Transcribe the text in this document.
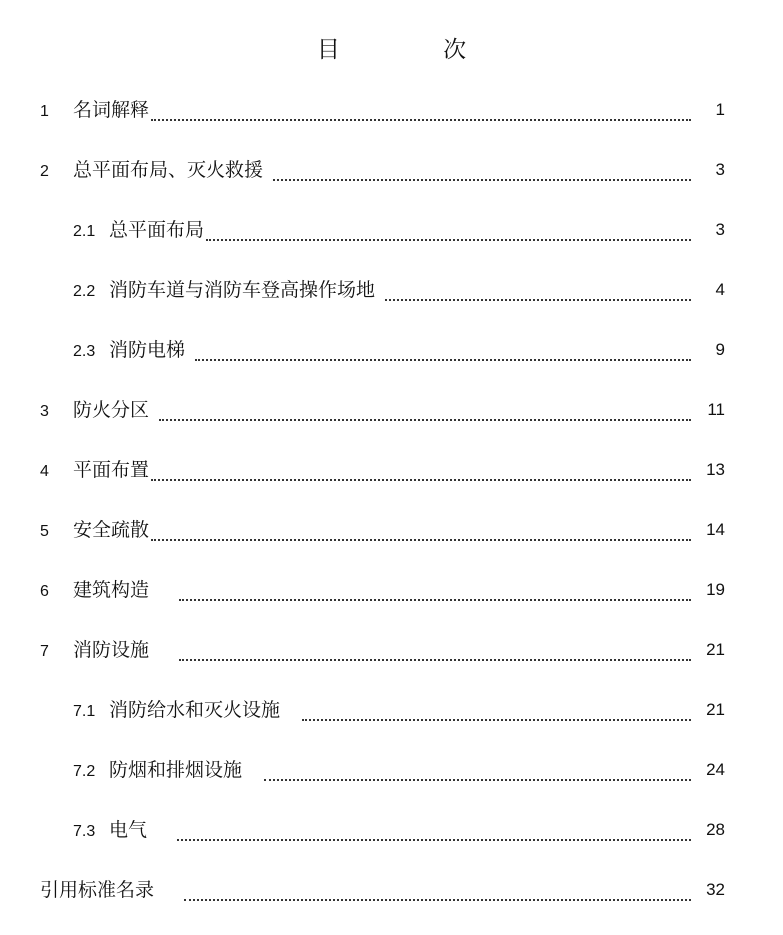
目 次
1	名词解释	1
2	总平面布局、灭火救援	3
2.1 总平面布局	3
2.2 消防车道与消防车登高操作场地	4
2.3 消防电梯	9
3	防火分区	11
4	平面布置	13
5	安全疏散	14
6	建筑构造	19
7	消防设施	21
7.1 消防给水和灭火设施	21
7.2 防烟和排烟设施	24
7.3 电气	28
引用标准名录	32
